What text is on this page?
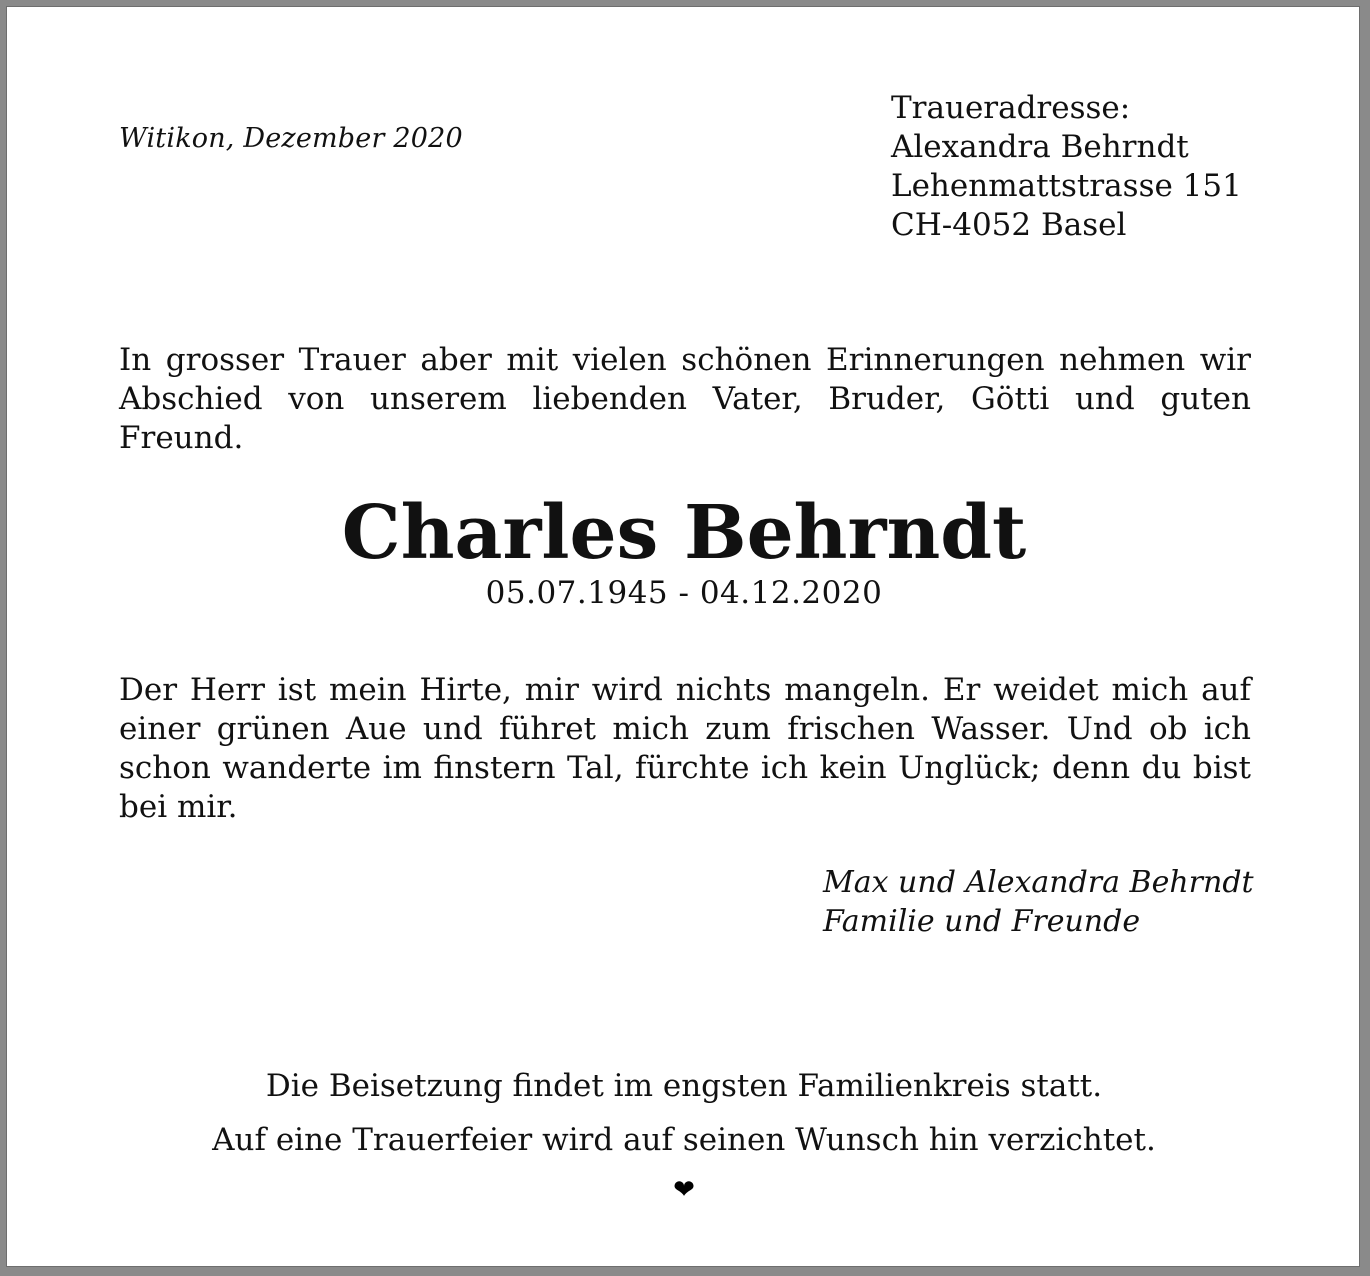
Witikon, Dezember 2020
Traueradresse:
Alexandra Behrndt
Lehenmattstrasse 151
CH-4052 Basel
In grosser Trauer aber mit vielen schönen Erinnerungen nehmen wir Abschied von unserem liebenden Vater, Bruder, Götti und guten Freund.
Charles Behrndt
05.07.1945 - 04.12.2020
Der Herr ist mein Hirte, mir wird nichts mangeln. Er weidet mich auf einer grünen Aue und führet mich zum frischen Wasser. Und ob ich schon wanderte im finstern Tal, fürchte ich kein Unglück; denn du bist bei mir.
Max und Alexandra Behrndt
Familie und Freunde
Die Beisetzung findet im engsten Familienkreis statt.
Auf eine Trauerfeier wird auf seinen Wunsch hin verzichtet.
❤
